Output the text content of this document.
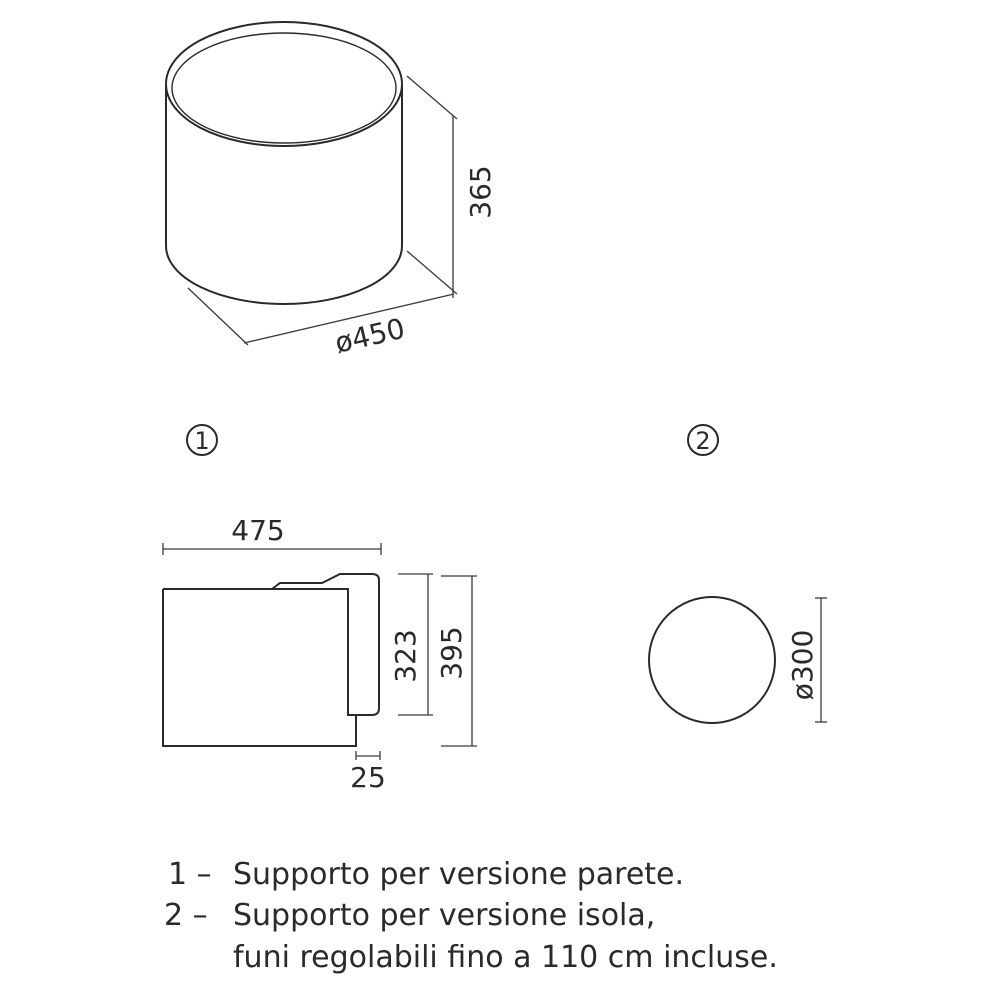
365
ø450
1	2
475
323 395
25
ø300
1 – Supporto per versione parete.
2 – Supporto per versione isola,
funi regolabili fino a 110 cm incluse.
